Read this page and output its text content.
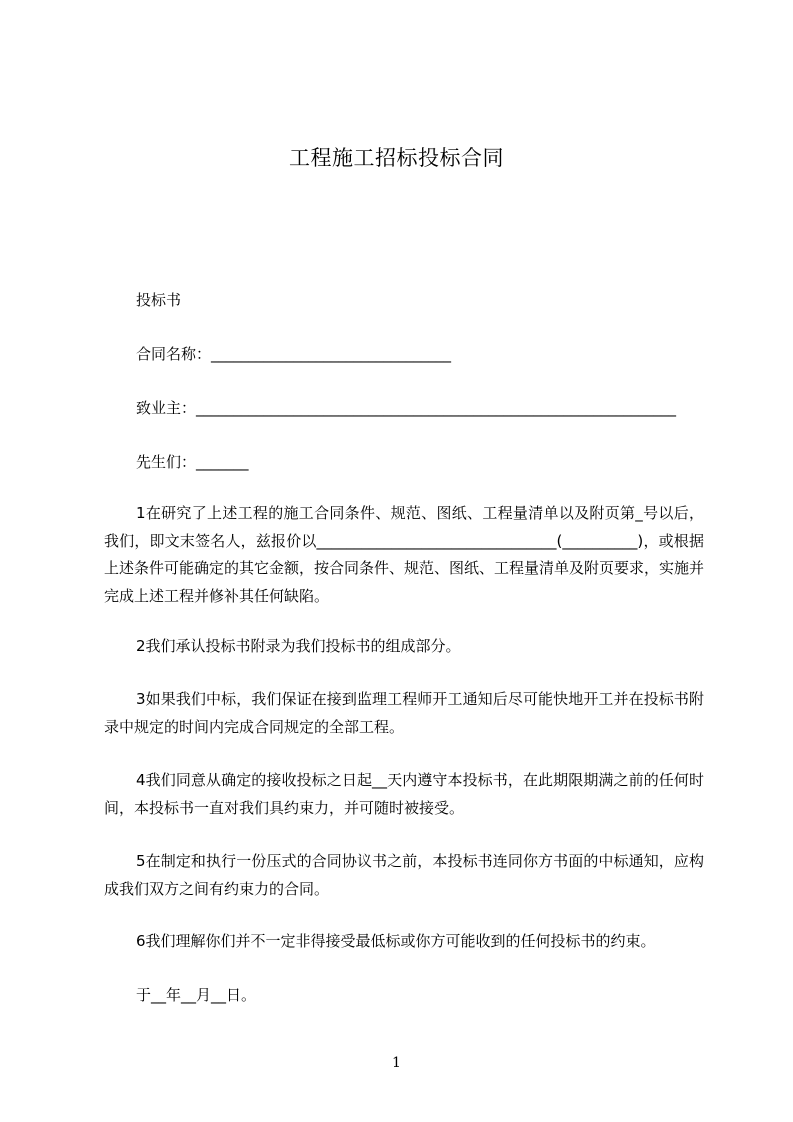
工程施工招标投标合同
投标书
合同名称：________________________________
致业主：________________________________________________________________
先生们：_______
1在研究了上述工程的施工合同条件、规范、图纸、工程量清单以及附页第_号以后，我们，即文末签名人，兹报价以________________________________(__________)，或根据上述条件可能确定的其它金额，按合同条件、规范、图纸、工程量清单及附页要求，实施并完成上述工程并修补其任何缺陷。
2我们承认投标书附录为我们投标书的组成部分。
3如果我们中标，我们保证在接到监理工程师开工通知后尽可能快地开工并在投标书附录中规定的时间内完成合同规定的全部工程。
4我们同意从确定的接收投标之日起__天内遵守本投标书，在此期限期满之前的任何时间，本投标书一直对我们具约束力，并可随时被接受。
5在制定和执行一份压式的合同协议书之前，本投标书连同你方书面的中标通知，应构成我们双方之间有约束力的合同。
6我们理解你们并不一定非得接受最低标或你方可能收到的任何投标书的约束。
于__年__月__日。
1
